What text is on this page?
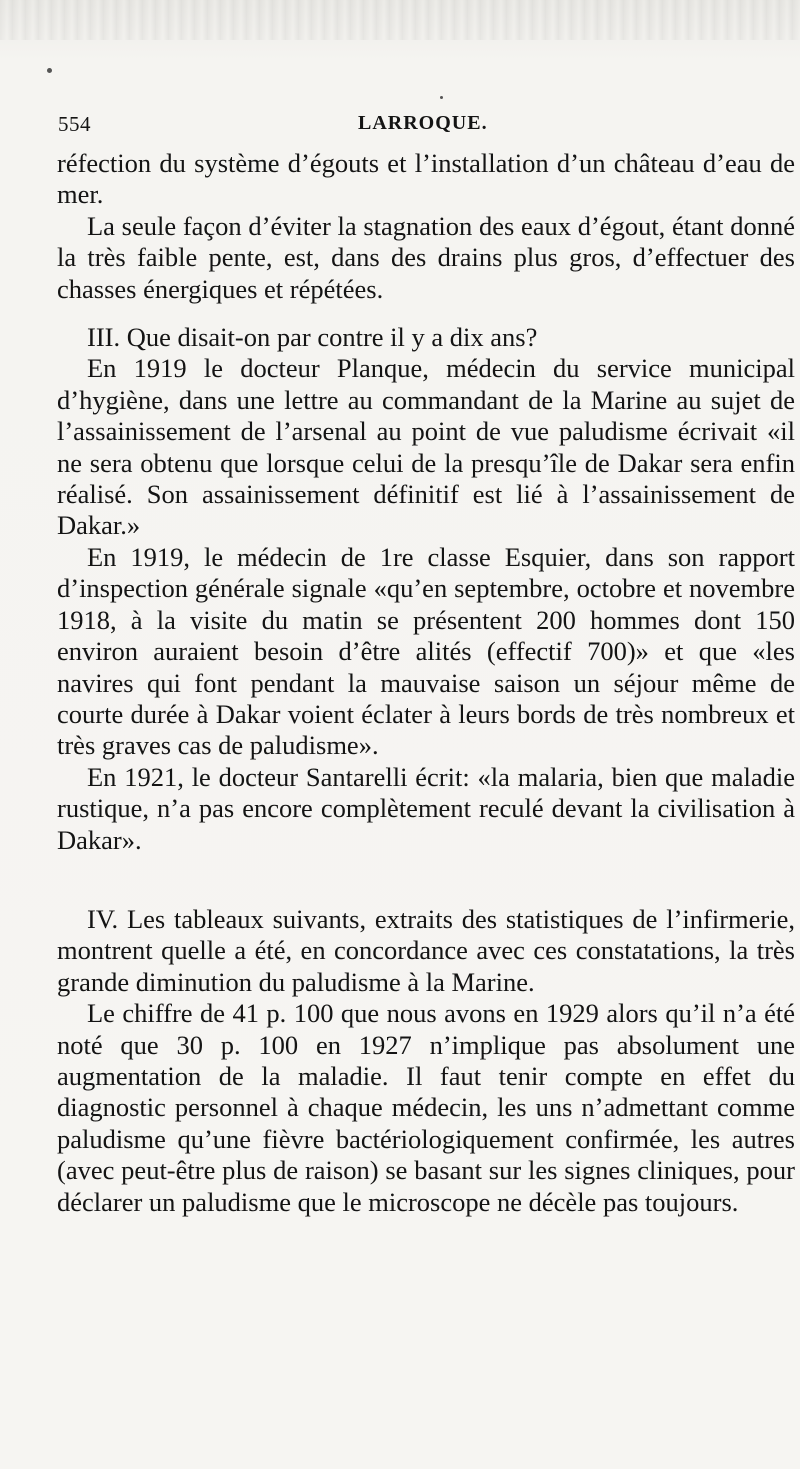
554	LARROQUE.

réfection du système d’égouts et l’installation d’un château d’eau de mer.

La seule façon d’éviter la stagnation des eaux d’égout, étant donné la très faible pente, est, dans des drains plus gros, d’effectuer des chasses énergiques et répétées.

III. Que disait-on par contre il y a dix ans?

En 1919 le docteur Planque, médecin du service municipal d’hygiène, dans une lettre au commandant de la Marine au sujet de l’assainissement de l’arsenal au point de vue paludisme écrivait «il ne sera obtenu que lorsque celui de la presqu’île de Dakar sera enfin réalisé. Son assainissement définitif est lié à l’assainissement de Dakar.»

En 1919, le médecin de 1re classe Esquier, dans son rapport d’inspection générale signale «qu’en septembre, octobre et novembre 1918, à la visite du matin se présentent 200 hommes dont 150 environ auraient besoin d’être alités (effectif 700)» et que «les navires qui font pendant la mauvaise saison un séjour même de courte durée à Dakar voient éclater à leurs bords de très nombreux et très graves cas de paludisme».

En 1921, le docteur Santarelli écrit: «la malaria, bien que maladie rustique, n’a pas encore complètement reculé devant la civilisation à Dakar».

IV. Les tableaux suivants, extraits des statistiques de l’infirmerie, montrent quelle a été, en concordance avec ces constatations, la très grande diminution du paludisme à la Marine.

Le chiffre de 41 p. 100 que nous avons en 1929 alors qu’il n’a été noté que 30 p. 100 en 1927 n’implique pas absolument une augmentation de la maladie. Il faut tenir compte en effet du diagnostic personnel à chaque médecin, les uns n’admettant comme paludisme qu’une fièvre bactériologiquement confirmée, les autres (avec peut-être plus de raison) se basant sur les signes cliniques, pour déclarer un paludisme que le microscope ne décèle pas toujours.
